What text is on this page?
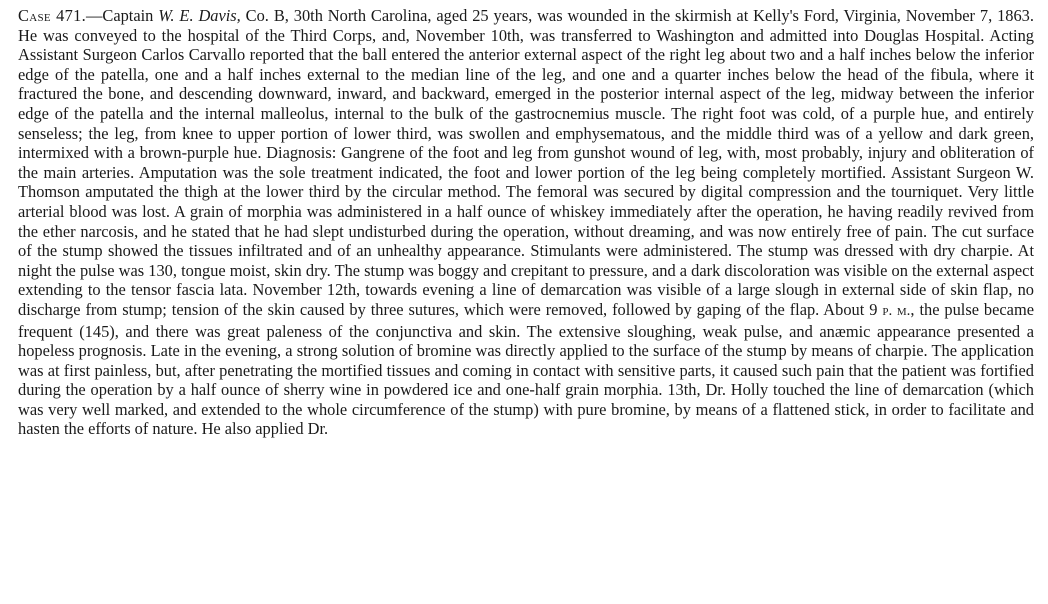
Case 471.—Captain W. E. Davis, Co. B, 30th North Carolina, aged 25 years, was wounded in the skirmish at Kelly's Ford, Virginia, November 7, 1863. He was conveyed to the hospital of the Third Corps, and, November 10th, was transferred to Washington and admitted into Douglas Hospital. Acting Assistant Surgeon Carlos Carvallo reported that the ball entered the anterior external aspect of the right leg about two and a half inches below the inferior edge of the patella, one and a half inches external to the median line of the leg, and one and a quarter inches below the head of the fibula, where it fractured the bone, and descending downward, inward, and backward, emerged in the posterior internal aspect of the leg, midway between the inferior edge of the patella and the internal malleolus, internal to the bulk of the gastrocnemius muscle. The right foot was cold, of a purple hue, and entirely senseless; the leg, from knee to upper portion of lower third, was swollen and emphysematous, and the middle third was of a yellow and dark green, intermixed with a brown-purple hue. Diagnosis: Gangrene of the foot and leg from gunshot wound of leg, with, most probably, injury and obliteration of the main arteries. Amputation was the sole treatment indicated, the foot and lower portion of the leg being completely mortified. Assistant Surgeon W. Thomson amputated the thigh at the lower third by the circular method. The femoral was secured by digital compression and the tourniquet. Very little arterial blood was lost. A grain of morphia was administered in a half ounce of whiskey immediately after the operation, he having readily revived from the ether narcosis, and he stated that he had slept undisturbed during the operation, without dreaming, and was now entirely free of pain. The cut surface of the stump showed the tissues infiltrated and of an unhealthy appearance. Stimulants were administered. The stump was dressed with dry charpie. At night the pulse was 130, tongue moist, skin dry. The stump was boggy and crepitant to pressure, and a dark discoloration was visible on the external aspect extending to the tensor fascia lata. November 12th, towards evening a line of demarcation was visible of a large slough in external side of skin flap, no discharge from stump; tension of the skin caused by three sutures, which were removed, followed by gaping of the flap. About 9 p. m., the pulse became frequent (145), and there was great paleness of the conjunctiva and skin. The extensive sloughing, weak pulse, and anæmic appearance presented a hopeless prognosis. Late in the evening, a strong solution of bromine was directly applied to the surface of the stump by means of charpie. The application was at first painless, but, after penetrating the mortified tissues and coming in contact with sensitive parts, it caused such pain that the patient was fortified during the operation by a half ounce of sherry wine in powdered ice and one-half grain morphia. 13th, Dr. Holly touched the line of demarcation (which was very well marked, and extended to the whole circumference of the stump) with pure bromine, by means of a flattened stick, in order to facilitate and hasten the efforts of nature. He also applied Dr.
